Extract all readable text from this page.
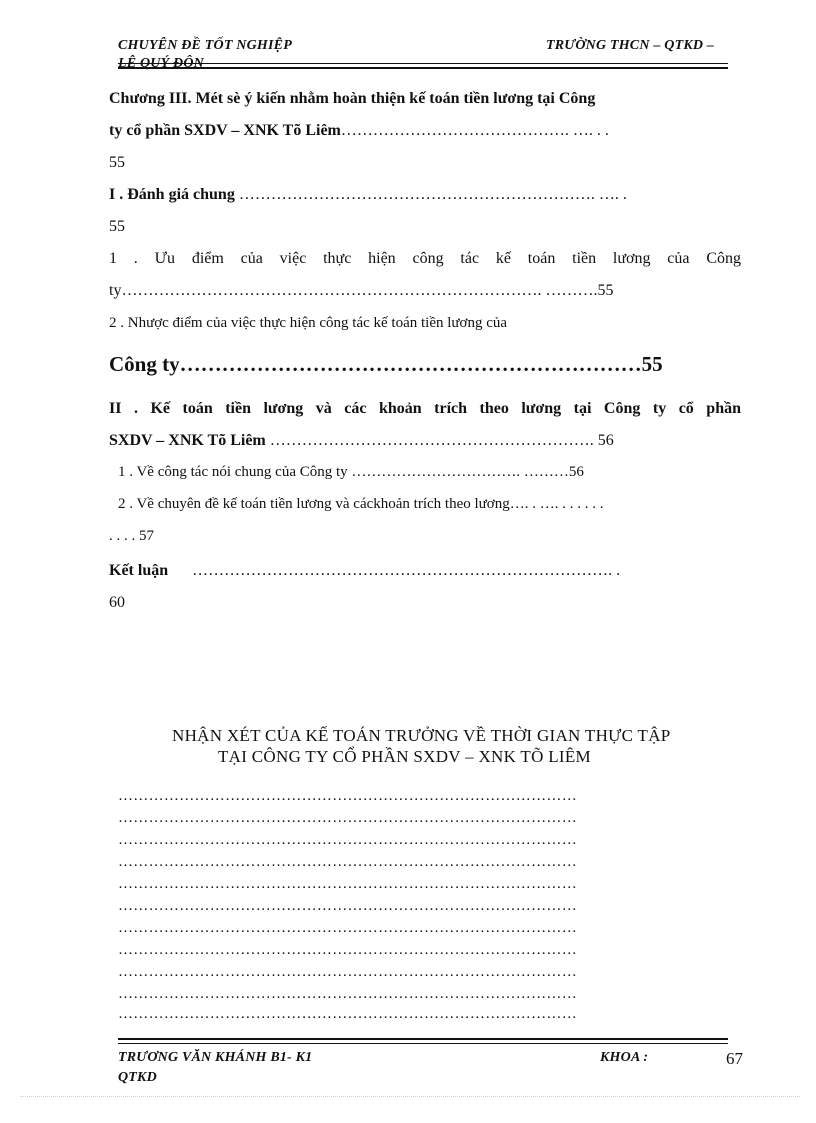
CHUYÊN ĐỀ TỐT NGHIỆP
LÊ QUÝ ĐÔN
TRƯỜNG THCN – QTKD –
Chương III. Mét sè ý kiến nhằm hoàn thiện kế toán tiền lương tại Công
ty cổ phần SXDV – XNK Tõ Liêm……………………………………. …. . .
55
I . Đánh giá chung …………………………………………………………. …. .
55
1 . Ưu điểm của việc thực hiện công tác kế toán tiền lương của Công
ty……………………………………………………………………. ……….55
2 . Nhược điểm của việc thực hiện công tác kế toán tiền lương của
Công ty…………………………………………………………55
II . Kế toán tiền lương và các khoản trích theo lương tại Công ty cổ phần
SXDV – XNK Tõ Liêm ……………………………………………………. 56
1 . Về công tác nói chung của Công ty ……………………………. ………56
2 . Về chuyên đề kế toán tiền lương và cáckhoản trích theo lương…. . …. . . . . . .
. . . . 57
Kết luận ……………………………………………………………………. .
60
NHẬN XÉT CỦA KẾ TOÁN TRƯỞNG VỀ THỜI GIAN THỰC TẬP
TẠI CÔNG TY CỔ PHẦN SXDV – XNK TÕ LIÊM
………………………………………………………………………………
………………………………………………………………………………
………………………………………………………………………………
………………………………………………………………………………
………………………………………………………………………………
………………………………………………………………………………
………………………………………………………………………………
………………………………………………………………………………
………………………………………………………………………………
………………………………………………………………………………
………………………………………………………………………………
TRƯƠNG VĂN KHÁNH B1- K1
QTKD
KHOA :	67
